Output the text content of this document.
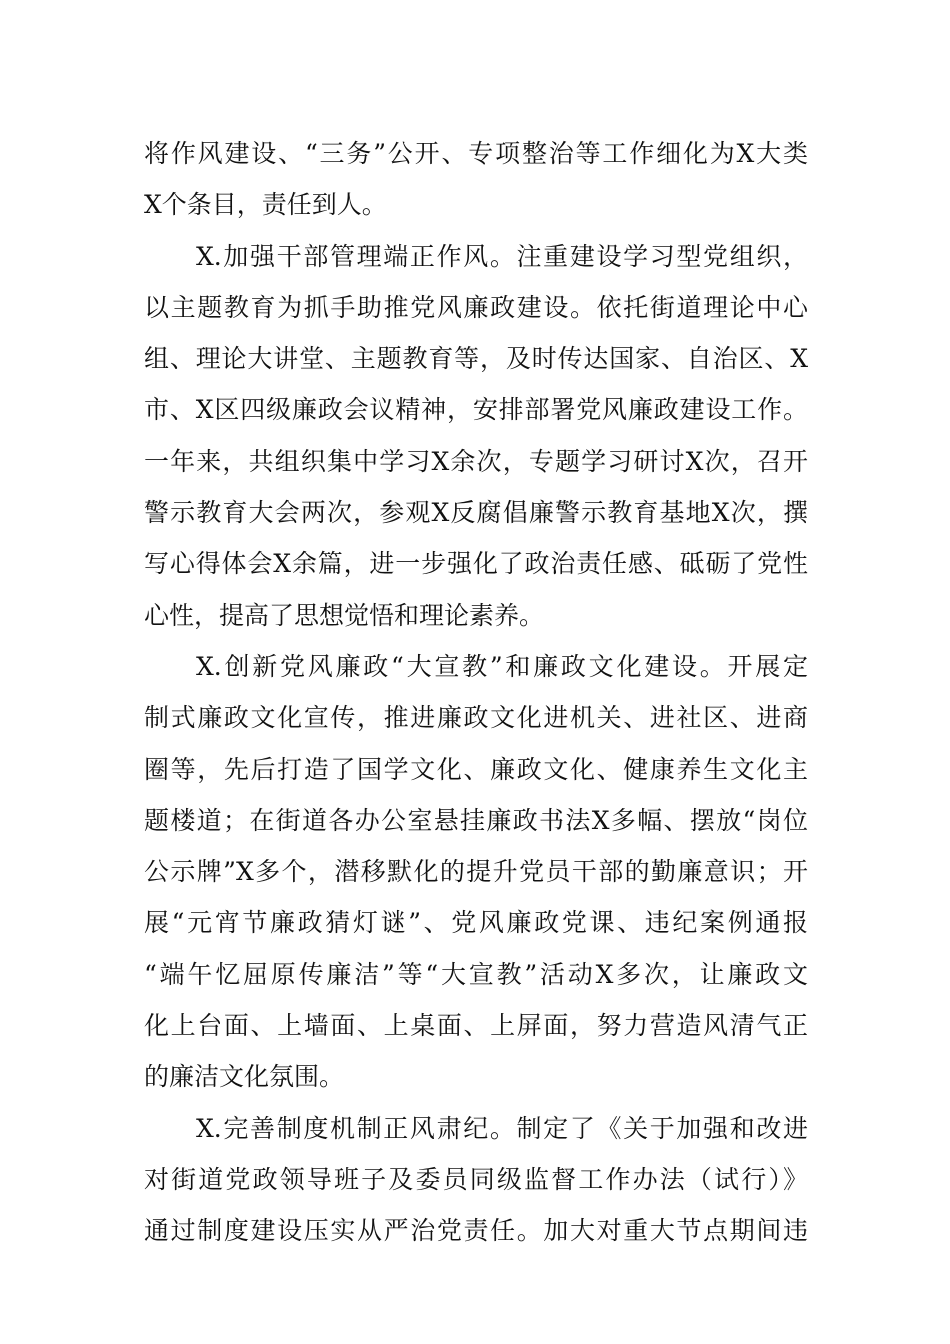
将作风建设、“三务”公开、专项整治等工作细化为X大类
X个条目，责任到人。
X.加强干部管理端正作风。注重建设学习型党组织，
以主题教育为抓手助推党风廉政建设。依托街道理论中心
组、理论大讲堂、主题教育等，及时传达国家、自治区、X
市、X区四级廉政会议精神，安排部署党风廉政建设工作。
一年来，共组织集中学习X余次，专题学习研讨X次，召开
警示教育大会两次，参观X反腐倡廉警示教育基地X次，撰
写心得体会X余篇，进一步强化了政治责任感、砥砺了党性
心性，提高了思想觉悟和理论素养。
X.创新党风廉政“大宣教”和廉政文化建设。开展定
制式廉政文化宣传，推进廉政文化进机关、进社区、进商
圈等，先后打造了国学文化、廉政文化、健康养生文化主
题楼道；在街道各办公室悬挂廉政书法X多幅、摆放“岗位
公示牌”X多个，潜移默化的提升党员干部的勤廉意识；开
展“元宵节廉政猜灯谜”、党风廉政党课、违纪案例通报
“端午忆屈原传廉洁”等“大宣教”活动X多次，让廉政文
化上台面、上墙面、上桌面、上屏面，努力营造风清气正
的廉洁文化氛围。
X.完善制度机制正风肃纪。制定了《关于加强和改进
对街道党政领导班子及委员同级监督工作办法（试行）》
通过制度建设压实从严治党责任。加大对重大节点期间违
